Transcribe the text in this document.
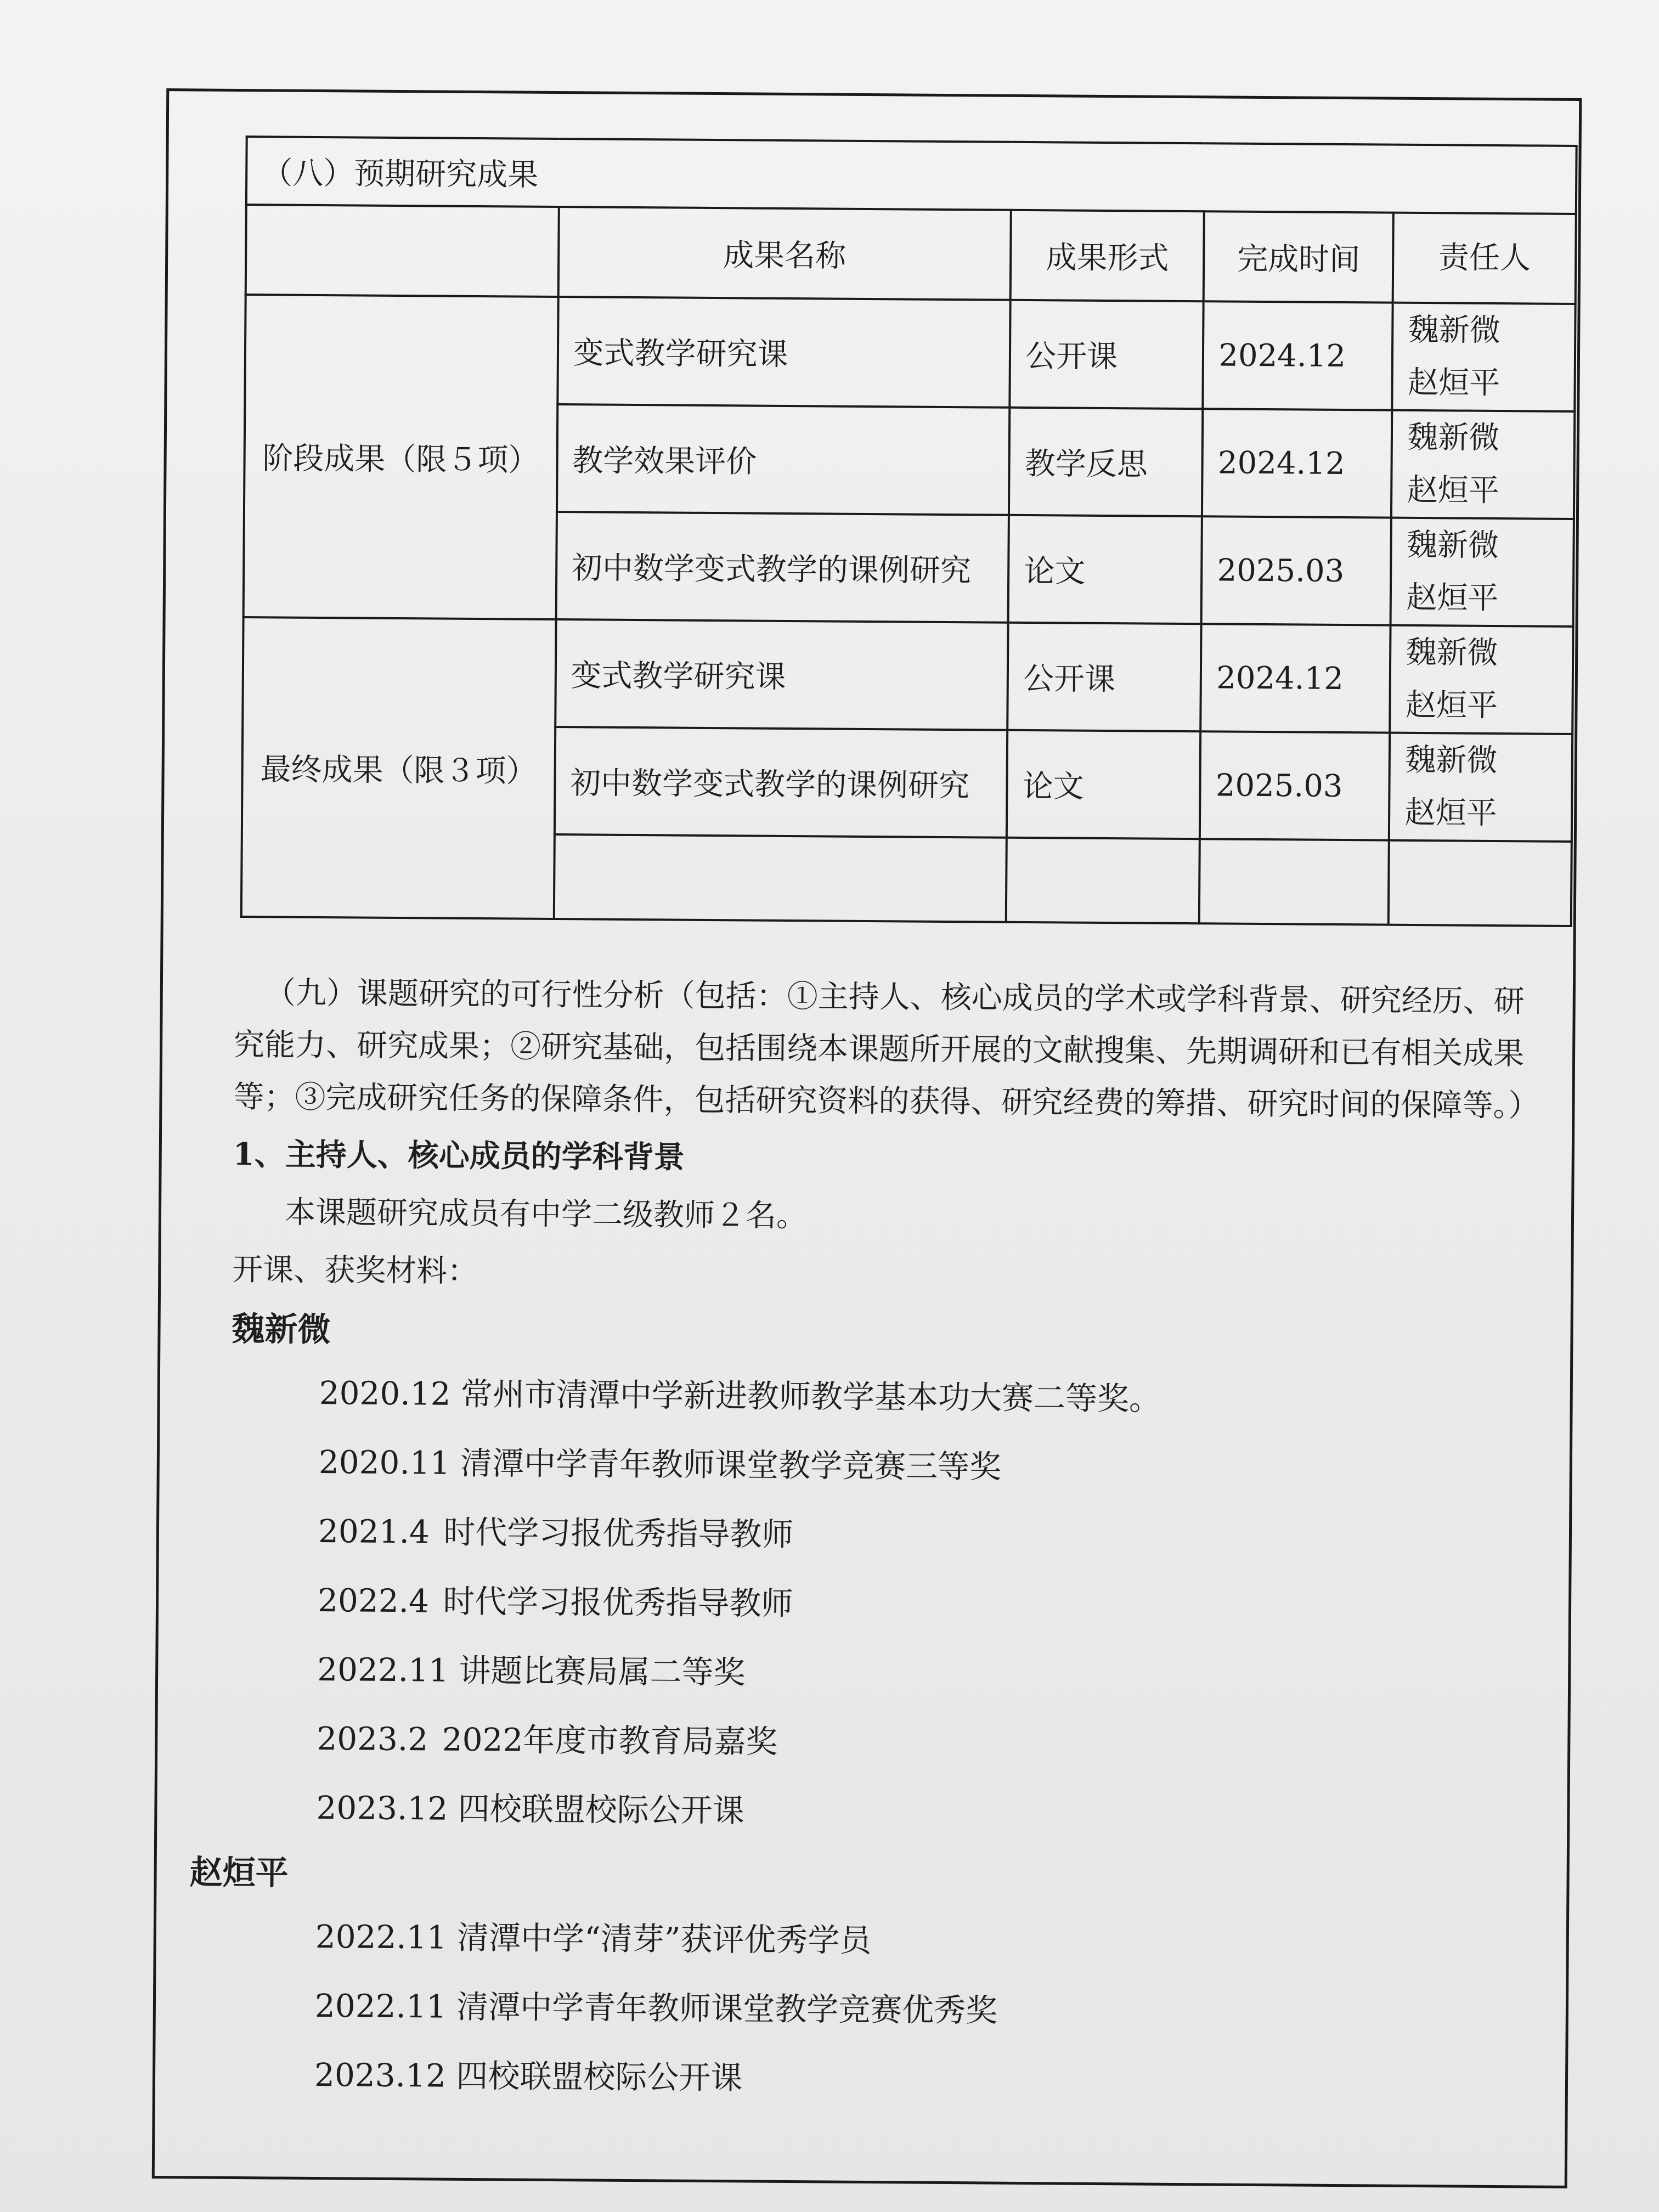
（八）预期研究成果				
	成果名称	成果形式	完成时间	责任人
阶段成果（限５项）	变式教学研究课	公开课	2024.12	魏新微
赵烜平

	教学效果评价	教学反思	2024.12	魏新微
赵烜平

	初中数学变式教学的课例研究	论文	2025.03	魏新微
赵烜平

最终成果（限３项）	变式教学研究课	公开课	2024.12	魏新微
赵烜平

	初中数学变式教学的课例研究	论文	2025.03	魏新微
赵烜平

（九）课题研究的可行性分析（包括：①主持人、核心成员的学术或学科背景、研究经历、研究能力、研究成果；②研究基础，包括围绕本课题所开展的文献搜集、先期调研和已有相关成果等；③完成研究任务的保障条件，包括研究资料的获得、研究经费的筹措、研究时间的保障等。）

1、主持人、核心成员的学科背景

本课题研究成员有中学二级教师２名。

开课、获奖材料：

魏新微

2020.12 常州市清潭中学新进教师教学基本功大赛二等奖。

2020.11 清潭中学青年教师课堂教学竞赛三等奖

2021.4 时代学习报优秀指导教师

2022.4 时代学习报优秀指导教师

2022.11 讲题比赛局属二等奖

2023.2 2022年度市教育局嘉奖

2023.12 四校联盟校际公开课

赵烜平

2022.11 清潭中学“清芽”获评优秀学员

2022.11 清潭中学青年教师课堂教学竞赛优秀奖

2023.12 四校联盟校际公开课
